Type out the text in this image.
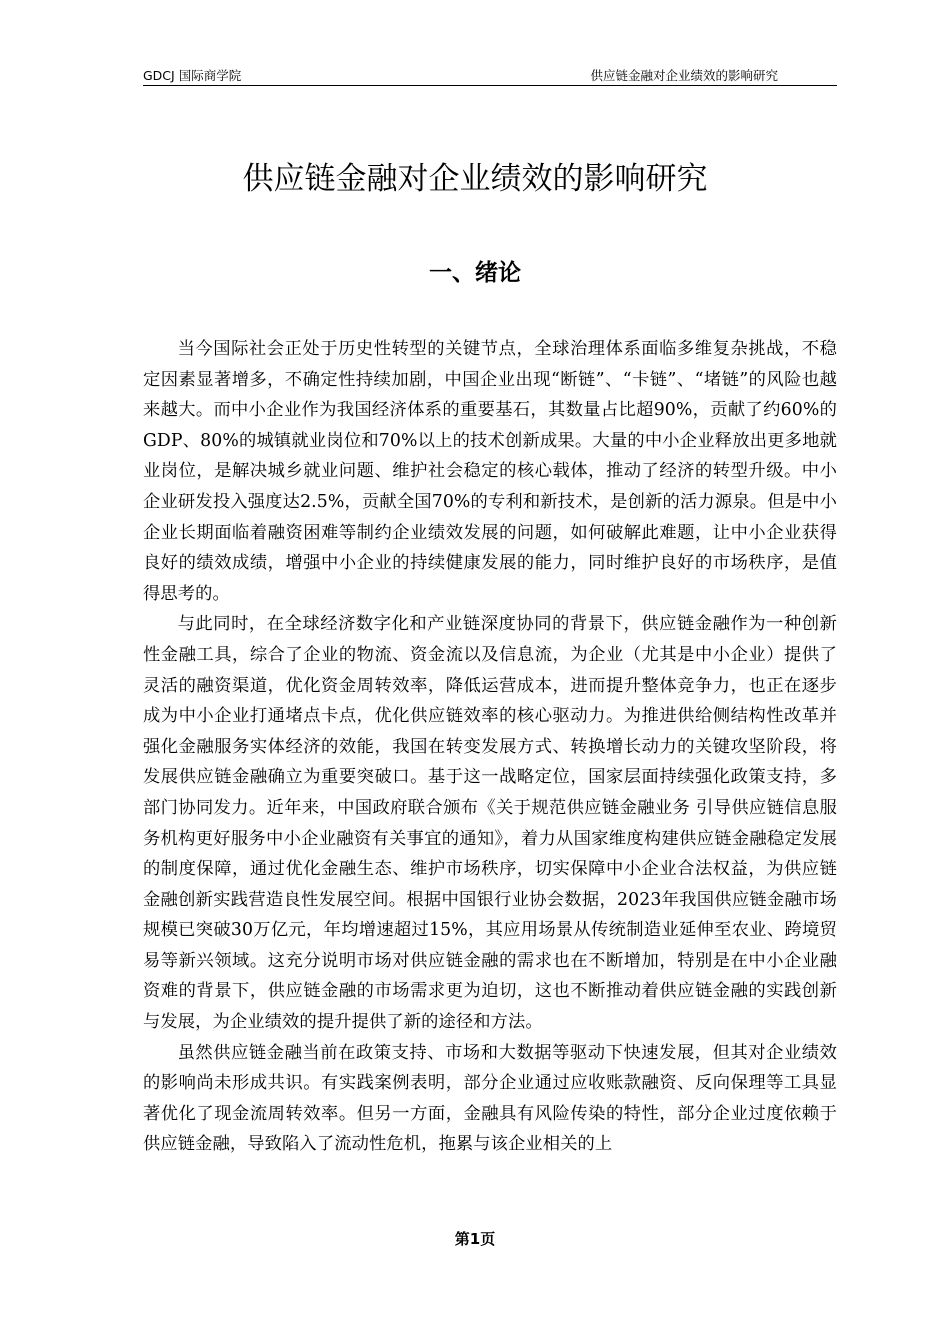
GDCJ 国际商学院	供应链金融对企业绩效的影响研究
供应链金融对企业绩效的影响研究
一、绪论

当今国际社会正处于历史性转型的关键节点，全球治理体系面临多维复杂挑战，不稳定因素显著增多，不确定性持续加剧，中国企业出现“断链”、“卡链”、“堵链”的风险也越来越大。而中小企业作为我国经济体系的重要基石，其数量占比超90%，贡献了约60%的GDP、80%的城镇就业岗位和70%以上的技术创新成果。大量的中小企业释放出更多地就业岗位，是解决城乡就业问题、维护社会稳定的核心载体，推动了经济的转型升级。中小企业研发投入强度达2.5%，贡献全国70%的专利和新技术，是创新的活力源泉。但是中小企业长期面临着融资困难等制约企业绩效发展的问题，如何破解此难题，让中小企业获得良好的绩效成绩，增强中小企业的持续健康发展的能力，同时维护良好的市场秩序，是值得思考的。

与此同时，在全球经济数字化和产业链深度协同的背景下，供应链金融作为一种创新性金融工具，综合了企业的物流、资金流以及信息流，为企业（尤其是中小企业）提供了灵活的融资渠道，优化资金周转效率，降低运营成本，进而提升整体竞争力，也正在逐步成为中小企业打通堵点卡点，优化供应链效率的核心驱动力。为推进供给侧结构性改革并强化金融服务实体经济的效能，我国在转变发展方式、转换增长动力的关键攻坚阶段，将发展供应链金融确立为重要突破口。基于这一战略定位，国家层面持续强化政策支持，多部门协同发力。近年来，中国政府联合颁布《关于规范供应链金融业务 引导供应链信息服务机构更好服务中小企业融资有关事宜的通知》，着力从国家维度构建供应链金融稳定发展的制度保障，通过优化金融生态、维护市场秩序，切实保障中小企业合法权益，为供应链金融创新实践营造良性发展空间。根据中国银行业协会数据，2023年我国供应链金融市场规模已突破30万亿元，年均增速超过15%，其应用场景从传统制造业延伸至农业、跨境贸易等新兴领域。这充分说明市场对供应链金融的需求也在不断增加，特别是在中小企业融资难的背景下，供应链金融的市场需求更为迫切，这也不断推动着供应链金融的实践创新与发展，为企业绩效的提升提供了新的途径和方法。

虽然供应链金融当前在政策支持、市场和大数据等驱动下快速发展，但其对企业绩效的影响尚未形成共识。有实践案例表明，部分企业通过应收账款融资、反向保理等工具显著优化了现金流周转效率。但另一方面，金融具有风险传染的特性，部分企业过度依赖于供应链金融，导致陷入了流动性危机，拖累与该企业相关的上

第1页
